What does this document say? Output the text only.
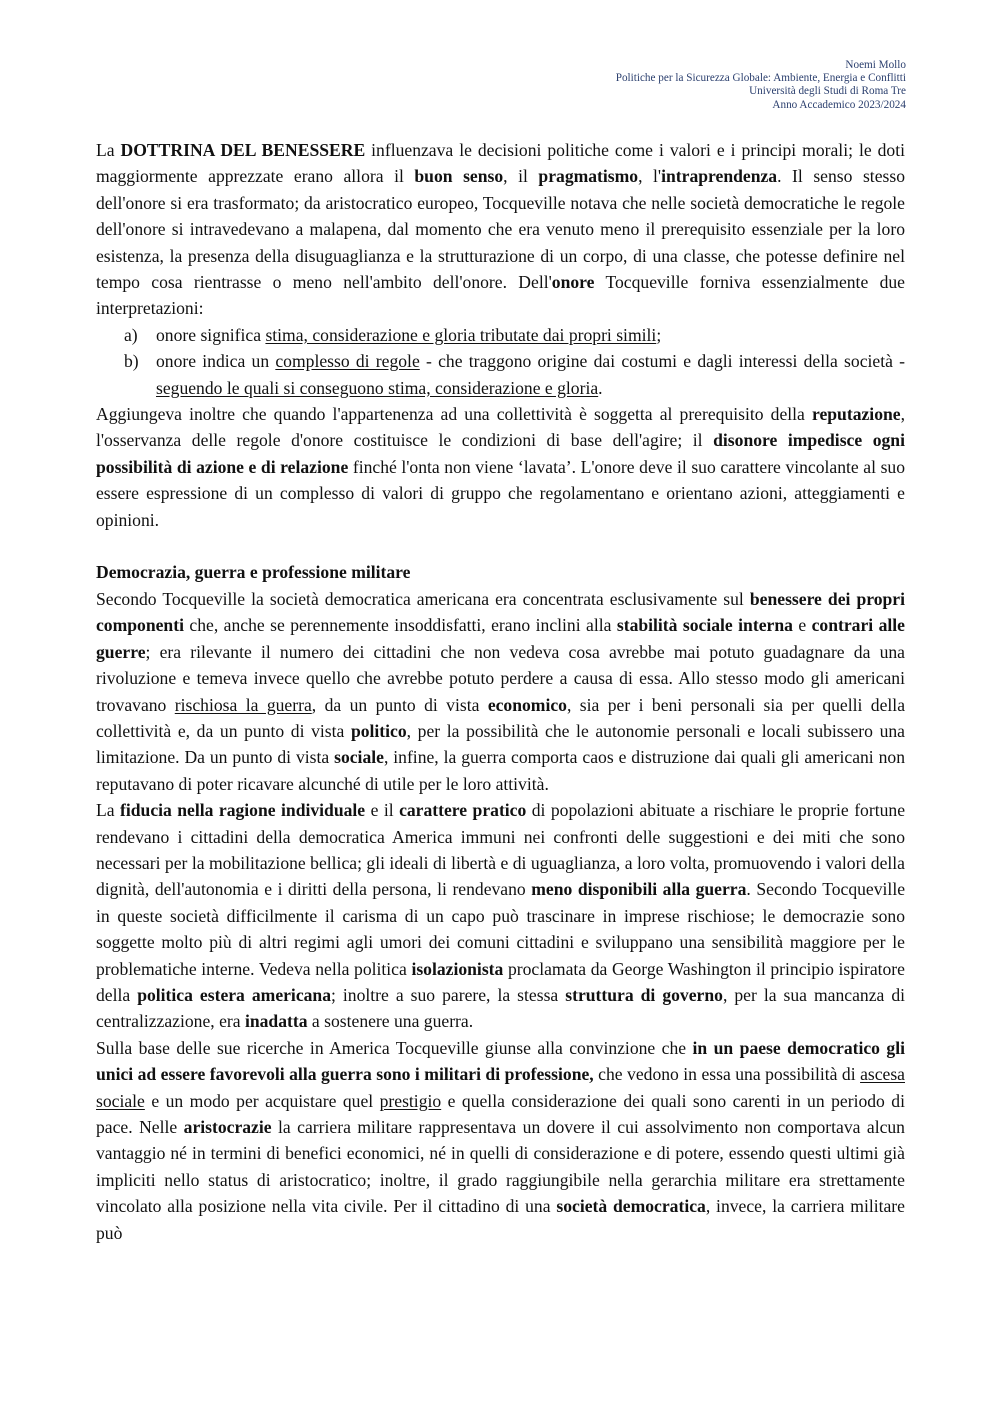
Noemi Mollo
Politiche per la Sicurezza Globale: Ambiente, Energia e Conflitti
Università degli Studi di Roma Tre
Anno Accademico 2023/2024

La DOTTRINA DEL BENESSERE influenzava le decisioni politiche come i valori e i principi morali; le doti maggiormente apprezzate erano allora il buon senso, il pragmatismo, l'intraprendenza. Il senso stesso dell'onore si era trasformato; da aristocratico europeo, Tocqueville notava che nelle società democratiche le regole dell'onore si intravedevano a malapena, dal momento che era venuto meno il prerequisito essenziale per la loro esistenza, la presenza della disuguaglianza e la strutturazione di un corpo, di una classe, che potesse definire nel tempo cosa rientrasse o meno nell'ambito dell'onore. Dell'onore Tocqueville forniva essenzialmente due interpretazioni:

a) onore significa stima, considerazione e gloria tributate dai propri simili;
b) onore indica un complesso di regole - che traggono origine dai costumi e dagli interessi della società - seguendo le quali si conseguono stima, considerazione e gloria.

Aggiungeva inoltre che quando l'appartenenza ad una collettività è soggetta al prerequisito della reputazione, l'osservanza delle regole d'onore costituisce le condizioni di base dell'agire; il disonore impedisce ogni possibilità di azione e di relazione finché l'onta non viene ‘lavata’. L'onore deve il suo carattere vincolante al suo essere espressione di un complesso di valori di gruppo che regolamentano e orientano azioni, atteggiamenti e opinioni.

Democrazia, guerra e professione militare

Secondo Tocqueville la società democratica americana era concentrata esclusivamente sul benessere dei propri componenti che, anche se perennemente insoddisfatti, erano inclini alla stabilità sociale interna e contrari alle guerre; era rilevante il numero dei cittadini che non vedeva cosa avrebbe mai potuto guadagnare da una rivoluzione e temeva invece quello che avrebbe potuto perdere a causa di essa. Allo stesso modo gli americani trovavano rischiosa la guerra, da un punto di vista economico, sia per i beni personali sia per quelli della collettività e, da un punto di vista politico, per la possibilità che le autonomie personali e locali subissero una limitazione. Da un punto di vista sociale, infine, la guerra comporta caos e distruzione dai quali gli americani non reputavano di poter ricavare alcunché di utile per le loro attività.

La fiducia nella ragione individuale e il carattere pratico di popolazioni abituate a rischiare le proprie fortune rendevano i cittadini della democratica America immuni nei confronti delle suggestioni e dei miti che sono necessari per la mobilitazione bellica; gli ideali di libertà e di uguaglianza, a loro volta, promuovendo i valori della dignità, dell'autonomia e i diritti della persona, li rendevano meno disponibili alla guerra. Secondo Tocqueville in queste società difficilmente il carisma di un capo può trascinare in imprese rischiose; le democrazie sono soggette molto più di altri regimi agli umori dei comuni cittadini e sviluppano una sensibilità maggiore per le problematiche interne. Vedeva nella politica isolazionista proclamata da George Washington il principio ispiratore della politica estera americana; inoltre a suo parere, la stessa struttura di governo, per la sua mancanza di centralizzazione, era inadatta a sostenere una guerra.

Sulla base delle sue ricerche in America Tocqueville giunse alla convinzione che in un paese democratico gli unici ad essere favorevoli alla guerra sono i militari di professione, che vedono in essa una possibilità di ascesa sociale e un modo per acquistare quel prestigio e quella considerazione dei quali sono carenti in un periodo di pace. Nelle aristocrazie la carriera militare rappresentava un dovere il cui assolvimento non comportava alcun vantaggio né in termini di benefici economici, né in quelli di considerazione e di potere, essendo questi ultimi già impliciti nello status di aristocratico; inoltre, il grado raggiungibile nella gerarchia militare era strettamente vincolato alla posizione nella vita civile. Per il cittadino di una società democratica, invece, la carriera militare può
